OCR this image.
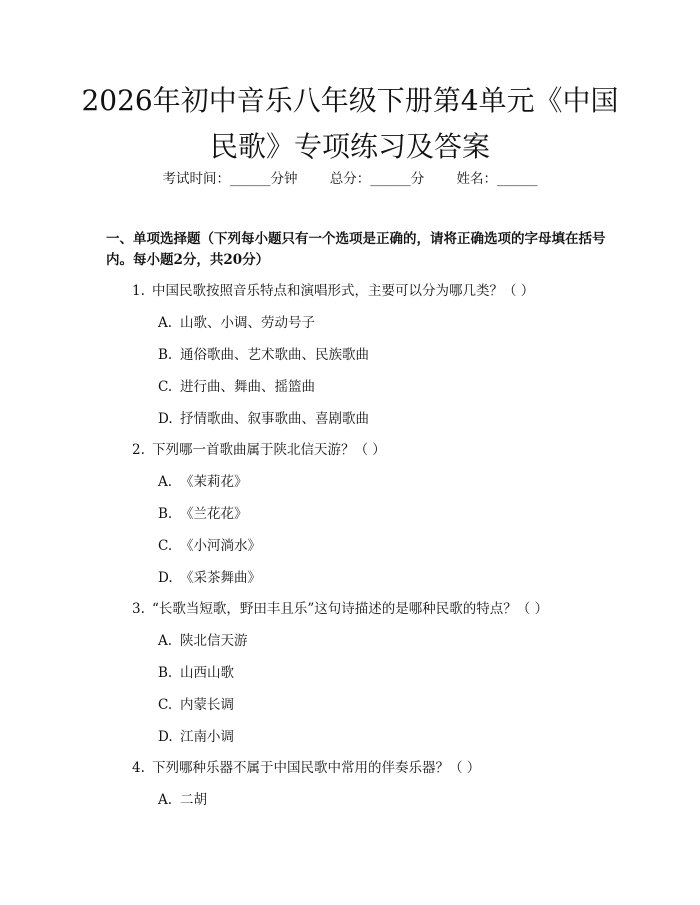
2026年初中音乐八年级下册第4单元《中国
民歌》专项练习及答案
考试时间：______分钟 总分：______分 姓名：______

一、单项选择题（下列每小题只有一个选项是正确的，请将正确选项的字母填在括号内。每小题2分，共20分）

1. 中国民歌按照音乐特点和演唱形式，主要可以分为哪几类？（ ）
A. 山歌、小调、劳动号子
B. 通俗歌曲、艺术歌曲、民族歌曲
C. 进行曲、舞曲、摇篮曲
D. 抒情歌曲、叙事歌曲、喜剧歌曲
2. 下列哪一首歌曲属于陕北信天游？（ ）
A. 《茉莉花》
B. 《兰花花》
C. 《小河淌水》
D. 《采茶舞曲》
3. “长歌当短歌，野田丰且乐”这句诗描述的是哪种民歌的特点？（ ）
A. 陕北信天游
B. 山西山歌
C. 内蒙长调
D. 江南小调
4. 下列哪种乐器不属于中国民歌中常用的伴奏乐器？（ ）
A. 二胡
